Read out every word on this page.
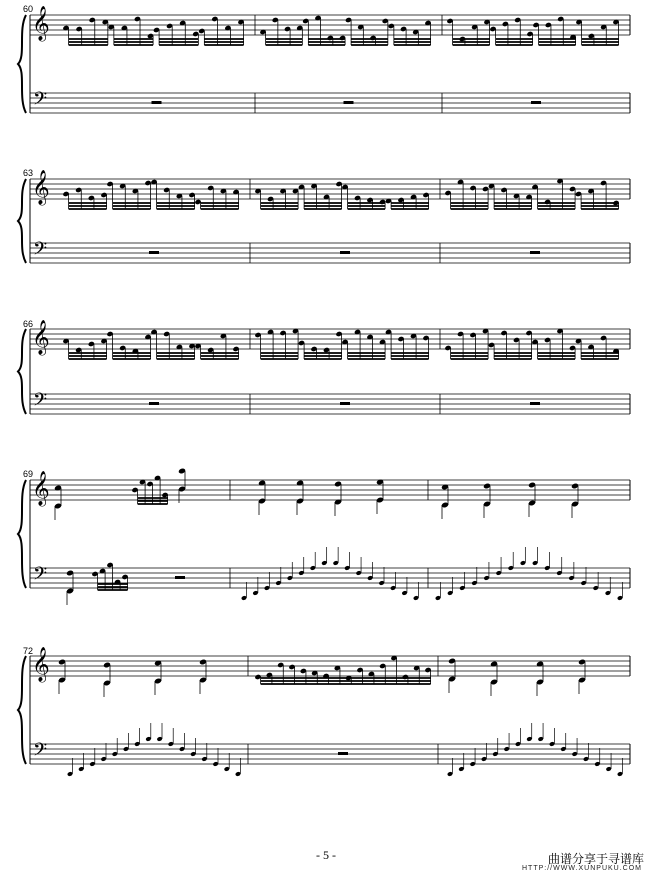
𝄞
𝄢
𝄞
𝄢
𝄞
𝄢
𝄞
𝄢
𝄞
𝄢
60
63
66
69
72
- 5 -	曲谱分享于寻谱库
HTTP://WWW.XUNPUKU.COM
